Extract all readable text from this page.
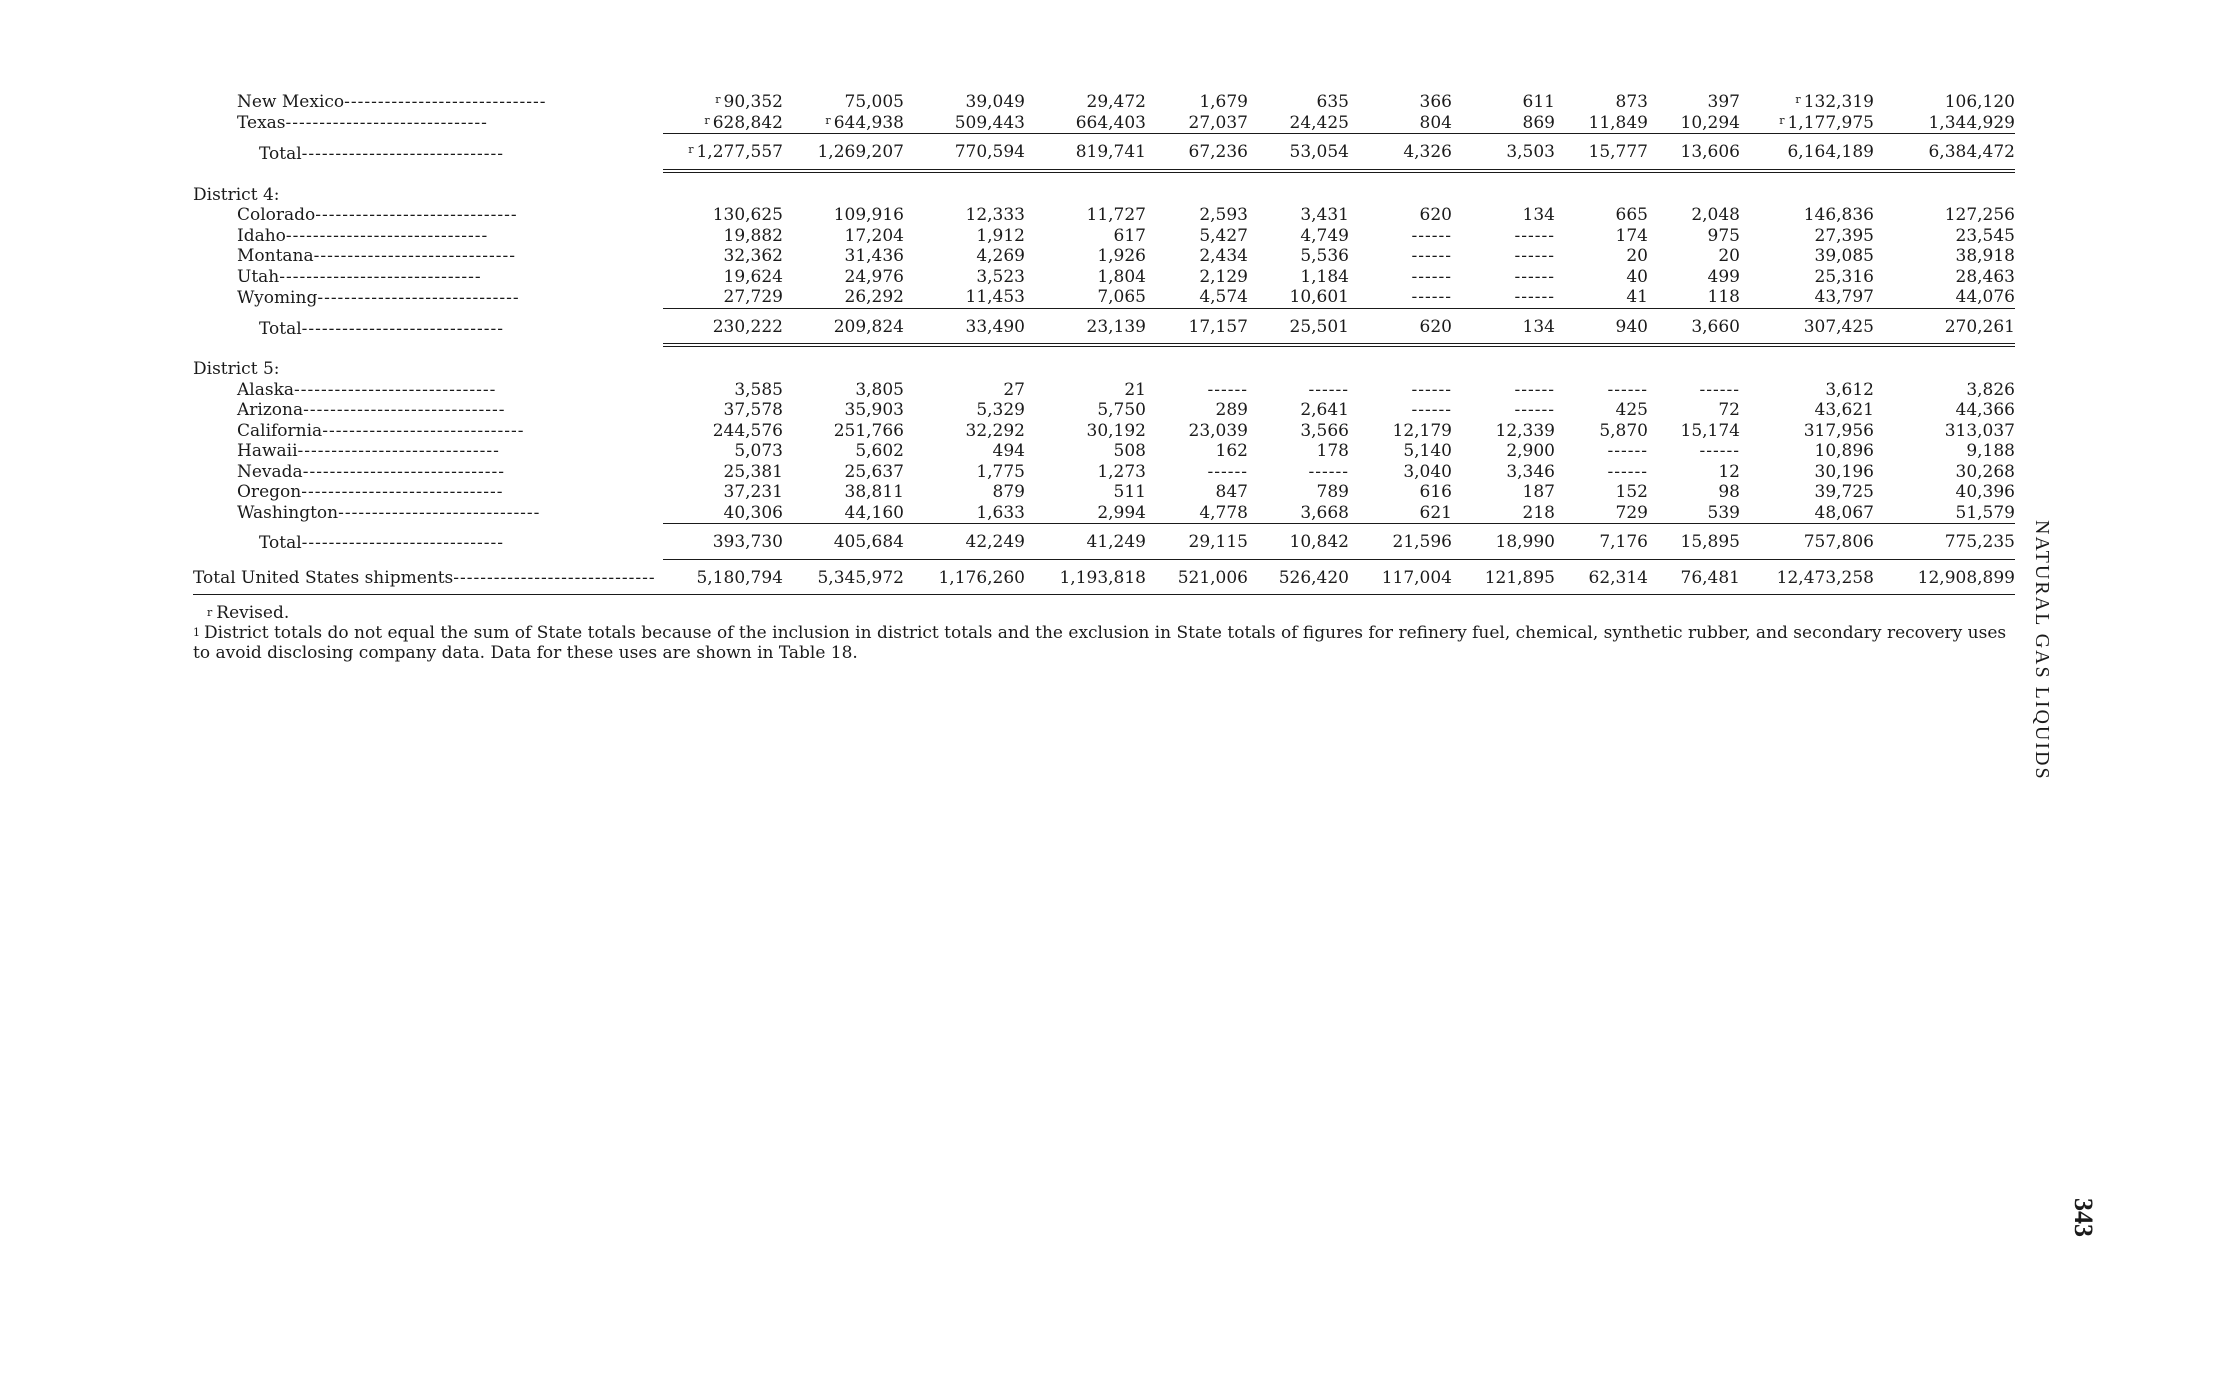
New Mexico------------------------------	$^r$ 90,352	75,005	39,049	29,472	1,679	635	366	611	873	397	$^r$ 132,319	106,120
Texas------------------------------	$^r$ 628,842	$^r$ 644,938	509,443	664,403	27,037	24,425	804	869	11,849	10,294	$^r$ 1,177,975	1,344,929
Total------------------------------	$^r$ 1,277,557	1,269,207	770,594	819,741	67,236	53,054	4,326	3,503	15,777	13,606	6,164,189	6,384,472

District 4:												
Colorado------------------------------	130,625	109,916	12,333	11,727	2,593	3,431	620	134	665	2,048	146,836	127,256
Idaho------------------------------	19,882	17,204	1,912	617	5,427	4,749	------	------	174	975	27,395	23,545
Montana------------------------------	32,362	31,436	4,269	1,926	2,434	5,536	------	------	20	20	39,085	38,918
Utah------------------------------	19,624	24,976	3,523	1,804	2,129	1,184	------	------	40	499	25,316	28,463
Wyoming------------------------------	27,729	26,292	11,453	7,065	4,574	10,601	------	------	41	118	43,797	44,076
Total------------------------------	230,222	209,824	33,490	23,139	17,157	25,501	620	134	940	3,660	307,425	270,261

District 5:												
Alaska------------------------------	3,585	3,805	27	21	------	------	------	------	------	------	3,612	3,826
Arizona------------------------------	37,578	35,903	5,329	5,750	289	2,641	------	------	425	72	43,621	44,366
California------------------------------	244,576	251,766	32,292	30,192	23,039	3,566	12,179	12,339	5,870	15,174	317,956	313,037
Hawaii------------------------------	5,073	5,602	494	508	162	178	5,140	2,900	------	------	10,896	9,188
Nevada------------------------------	25,381	25,637	1,775	1,273	------	------	3,040	3,346	------	12	30,196	30,268
Oregon------------------------------	37,231	38,811	879	511	847	789	616	187	152	98	39,725	40,396
Washington------------------------------	40,306	44,160	1,633	2,994	4,778	3,668	621	218	729	539	48,067	51,579
Total------------------------------	393,730	405,684	42,249	41,249	29,115	10,842	21,596	18,990	7,176	15,895	757,806	775,235
Total United States shipments------------------------------	5,180,794	5,345,972	1,176,260	1,193,818	521,006	526,420	117,004	121,895	62,314	76,481	12,473,258	12,908,899
$^r$ Revised.
$^1$ District totals do not equal the sum of State totals because of the inclusion in district totals and the exclusion in State totals of figures for refinery fuel, chemical, synthetic rubber, and secondary recovery uses to avoid disclosing company data. Data for these uses are shown in Table 18.	NATURAL GAS LIQUIDS
343
